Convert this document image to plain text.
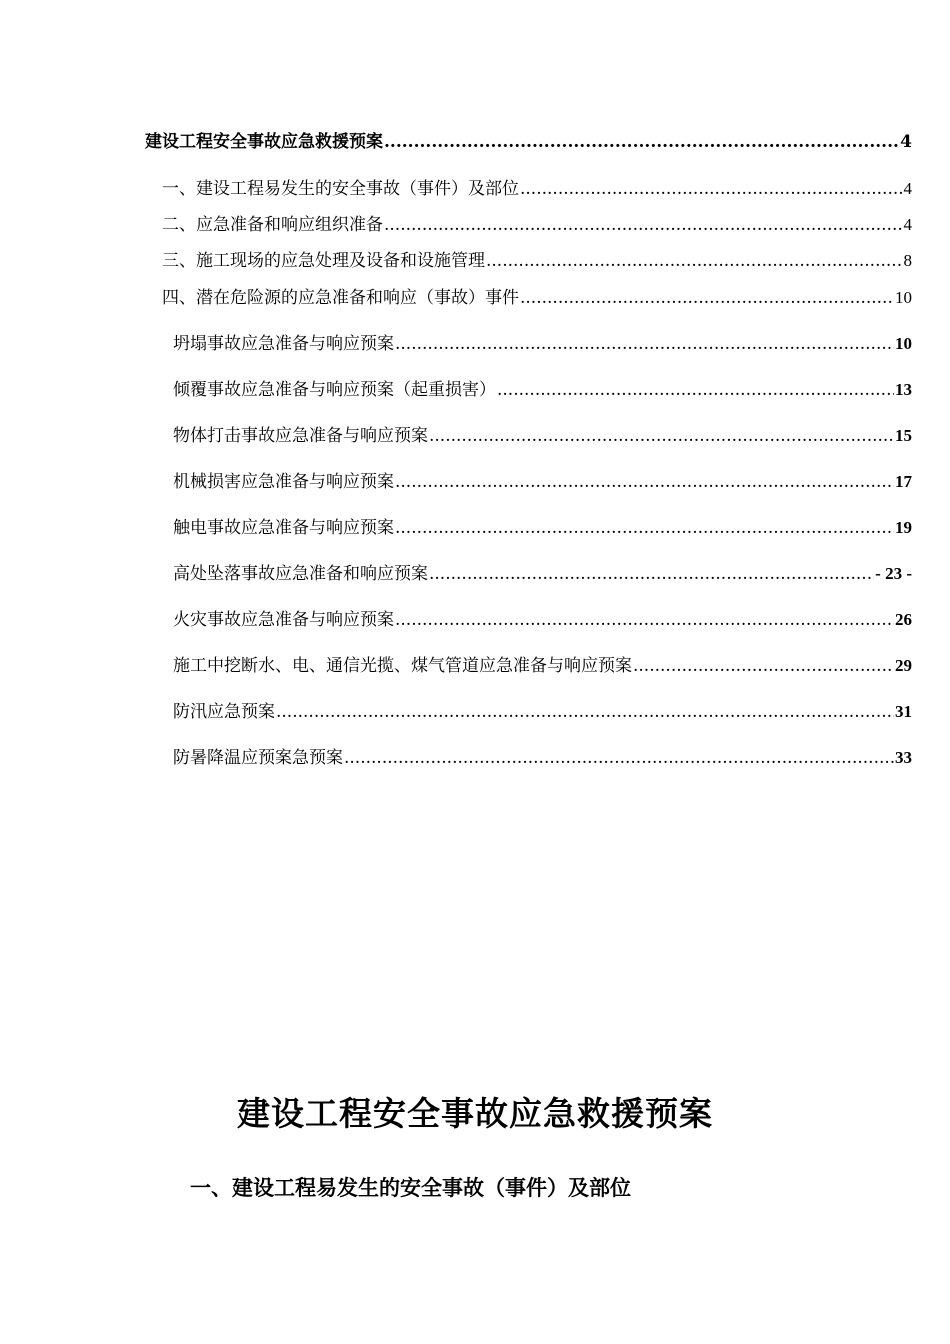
建设工程安全事故应急救援预案 .....	4
一、建设工程易发生的安全事故（事件）及部位 .....	4
二、应急准备和响应组织准备 .....	4
三、施工现场的应急处理及设备和设施管理 .....	8
四、潜在危险源的应急准备和响应（事故）事件 .....	10
坍塌事故应急准备与响应预案 .....	10
倾覆事故应急准备与响应预案（起重损害） .....	13
物体打击事故应急准备与响应预案 .....	15
机械损害应急准备与响应预案 .....	17
触电事故应急准备与响应预案 .....	19
高处坠落事故应急准备和响应预案 .....	- 23 -
火灾事故应急准备与响应预案 .....	26
施工中挖断水、电、通信光揽、煤气管道应急准备与响应预案 .....	29
防汛应急预案 .....	31
防暑降温应预案急预案 .....	33
建设工程安全事故应急救援预案
一、建设工程易发生的安全事故（事件）及部位
